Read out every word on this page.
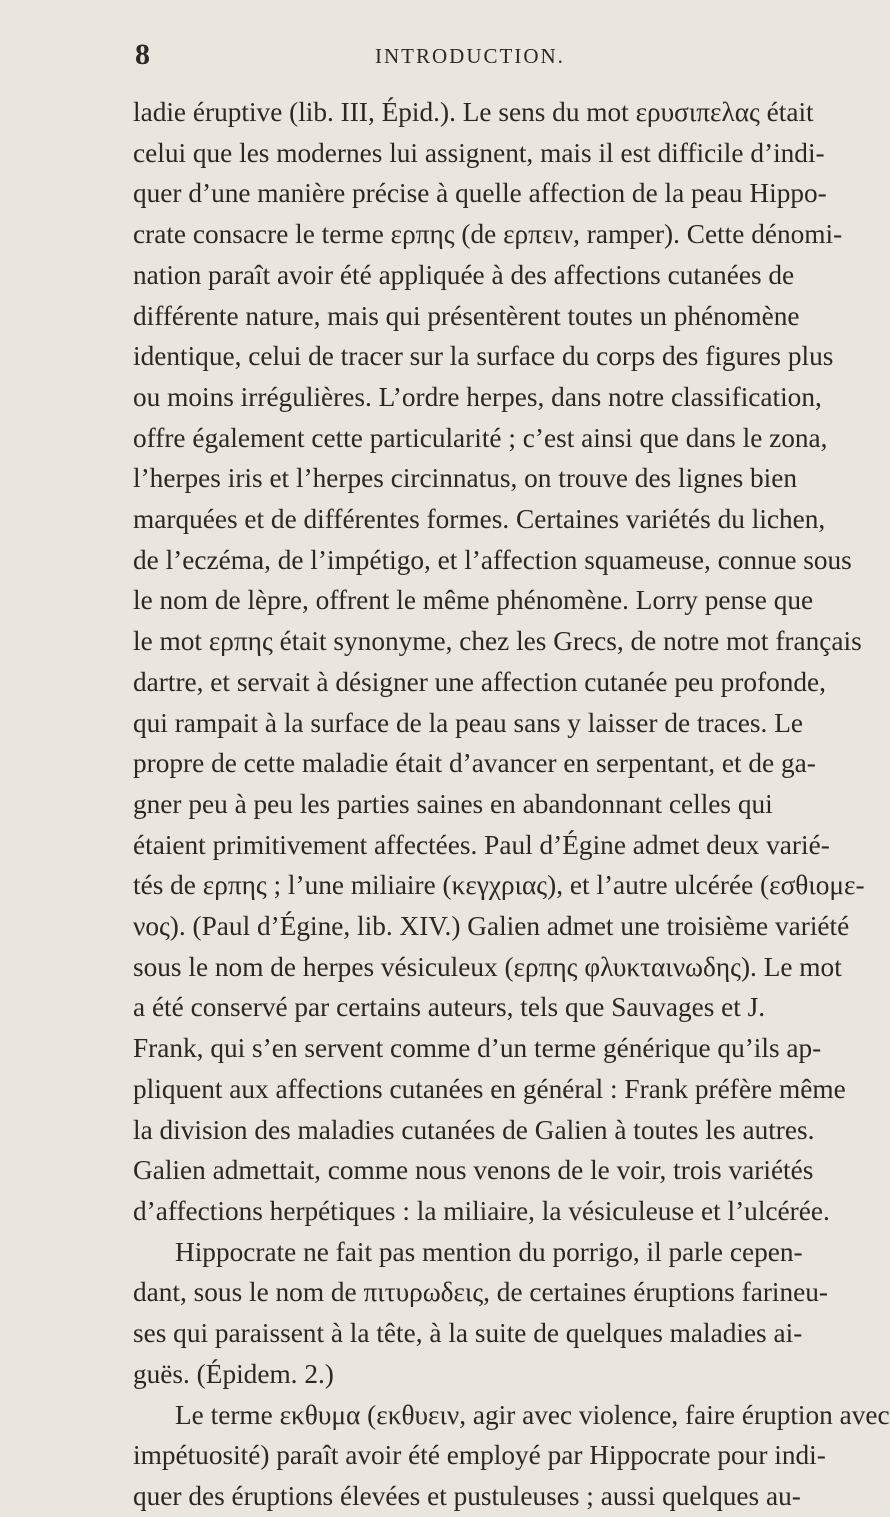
8	INTRODUCTION.
ladie éruptive (lib. III, Épid.). Le sens du mot ερυσιπελας était
celui que les modernes lui assignent, mais il est difficile d’indi-
quer d’une manière précise à quelle affection de la peau Hippo-
crate consacre le terme ερπης (de ερπειν, ramper). Cette dénomi-
nation paraît avoir été appliquée à des affections cutanées de
différente nature, mais qui présentèrent toutes un phénomène
identique, celui de tracer sur la surface du corps des figures plus
ou moins irrégulières. L’ordre herpes, dans notre classification,
offre également cette particularité ; c’est ainsi que dans le zona,
l’herpes iris et l’herpes circinnatus, on trouve des lignes bien
marquées et de différentes formes. Certaines variétés du lichen,
de l’eczéma, de l’impétigo, et l’affection squameuse, connue sous
le nom de lèpre, offrent le même phénomène. Lorry pense que
le mot ερπης était synonyme, chez les Grecs, de notre mot français
dartre, et servait à désigner une affection cutanée peu profonde,
qui rampait à la surface de la peau sans y laisser de traces. Le
propre de cette maladie était d’avancer en serpentant, et de ga-
gner peu à peu les parties saines en abandonnant celles qui
étaient primitivement affectées. Paul d’Égine admet deux varié-
tés de ερπης ; l’une miliaire (κεγχριας), et l’autre ulcérée (εσθιομε-
νος). (Paul d’Égine, lib. XIV.) Galien admet une troisième variété
sous le nom de herpes vésiculeux (ερπης φλυκταινωδης). Le mot
a été conservé par certains auteurs, tels que Sauvages et J.
Frank, qui s’en servent comme d’un terme générique qu’ils ap-
pliquent aux affections cutanées en général : Frank préfère même
la division des maladies cutanées de Galien à toutes les autres.
Galien admettait, comme nous venons de le voir, trois variétés
d’affections herpétiques : la miliaire, la vésiculeuse et l’ulcérée.
Hippocrate ne fait pas mention du porrigo, il parle cepen-
dant, sous le nom de πιτυρωδεις, de certaines éruptions farineu-
ses qui paraissent à la tête, à la suite de quelques maladies ai-
guës. (Épidem. 2.)
Le terme εκθυμα (εκθυειν, agir avec violence, faire éruption avec
impétuosité) paraît avoir été employé par Hippocrate pour indi-
quer des éruptions élevées et pustuleuses ; aussi quelques au-
